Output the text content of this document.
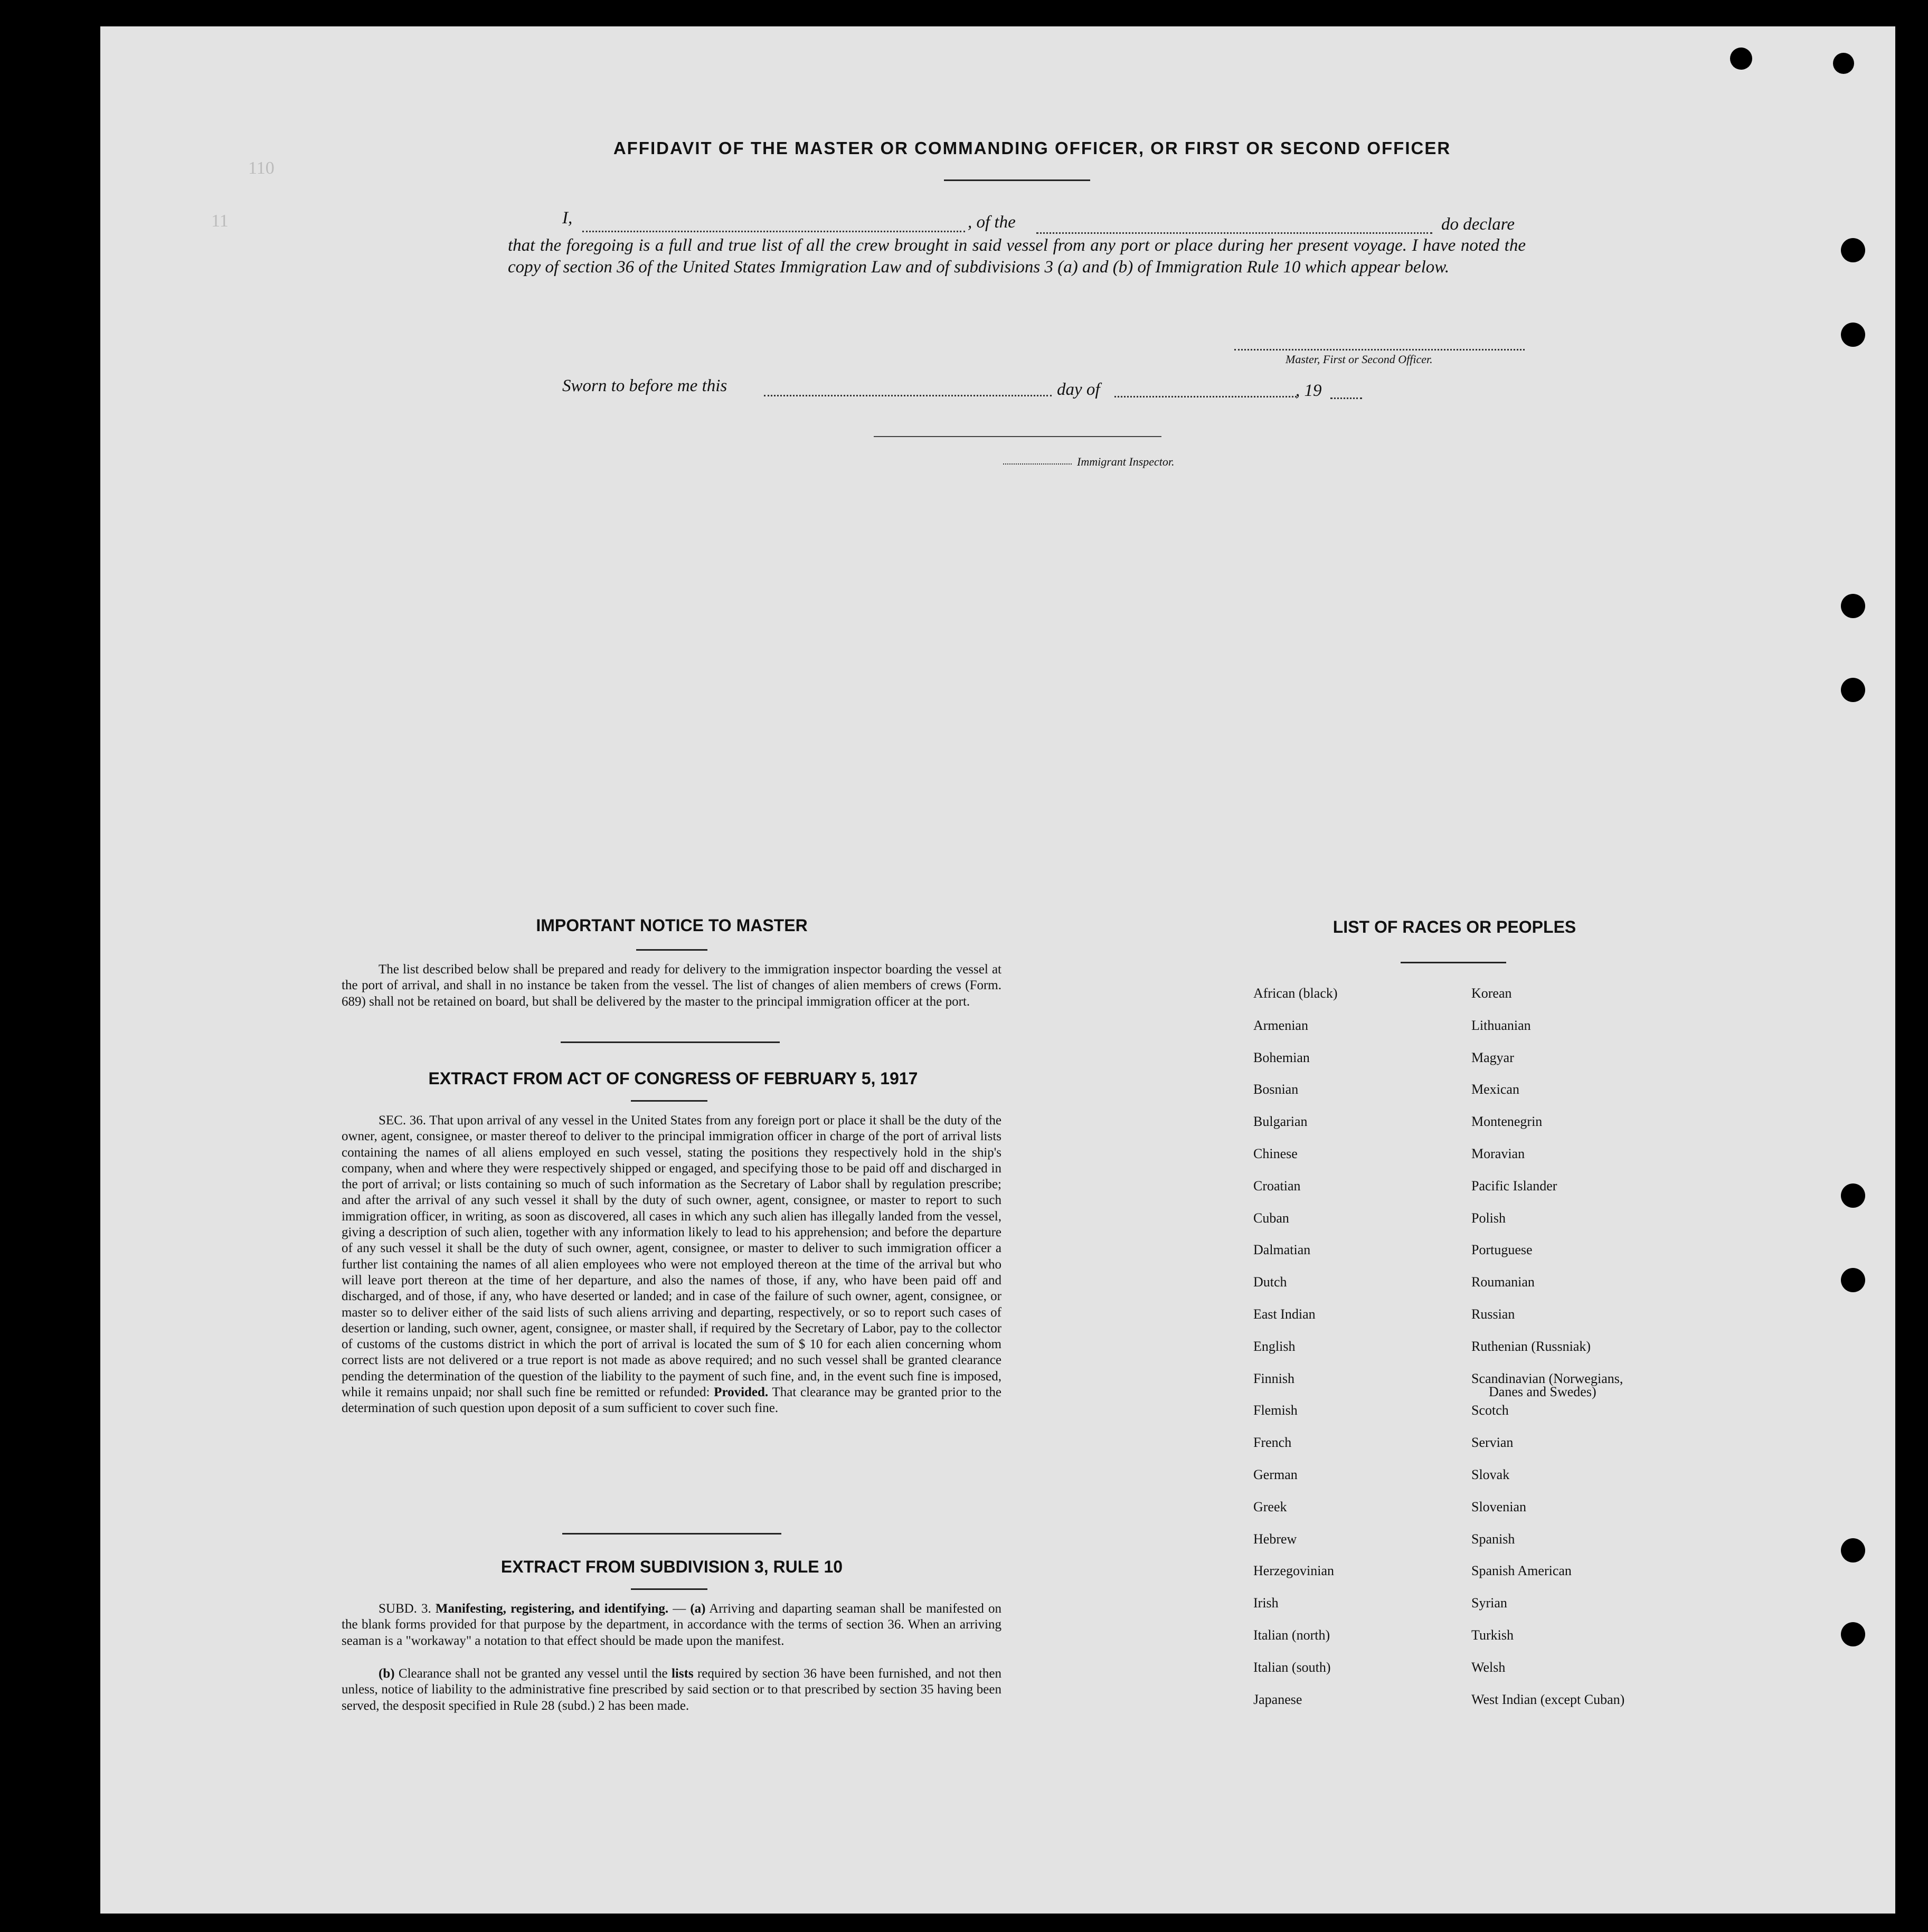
110
11
AFFIDAVIT OF THE MASTER OR COMMANDING OFFICER, OR FIRST OR SECOND OFFICER
I,	, of the	do declare
that the foregoing is a full and true list of all the crew brought in said vessel from any port or place during her present voyage. I have noted the copy of section 36 of the United States Immigration Law and of subdivisions 3 (a) and (b) of Immigration Rule 10 which appear below.
Master, First or Second Officer.
Sworn to before me this	day of	, 19
Immigrant Inspector.
IMPORTANT NOTICE TO MASTER
The list described below shall be prepared and ready for delivery to the immigration inspector boarding the vessel at the port of arrival, and shall in no instance be taken from the vessel. The list of changes of alien members of crews (Form. 689) shall not be retained on board, but shall be delivered by the master to the principal immigration officer at the port.
EXTRACT FROM ACT OF CONGRESS OF FEBRUARY 5, 1917
SEC. 36. That upon arrival of any vessel in the United States from any foreign port or place it shall be the duty of the owner, agent, consignee, or master thereof to deliver to the principal immigration officer in charge of the port of arrival lists containing the names of all aliens employed en such vessel, stating the positions they respectively hold in the ship's company, when and where they were respectively shipped or engaged, and specifying those to be paid off and discharged in the port of arrival; or lists containing so much of such information as the Secretary of Labor shall by regulation prescribe; and after the arrival of any such vessel it shall by the duty of such owner, agent, consignee, or master to report to such immigration officer, in writing, as soon as discovered, all cases in which any such alien has illegally landed from the vessel, giving a description of such alien, together with any information likely to lead to his apprehension; and before the departure of any such vessel it shall be the duty of such owner, agent, consignee, or master to deliver to such immigration officer a further list containing the names of all alien employees who were not employed thereon at the time of the arrival but who will leave port thereon at the time of her departure, and also the names of those, if any, who have been paid off and discharged, and of those, if any, who have deserted or landed; and in case of the failure of such owner, agent, consignee, or master so to deliver either of the said lists of such aliens arriving and departing, respectively, or so to report such cases of desertion or landing, such owner, agent, consignee, or master shall, if required by the Secretary of Labor, pay to the collector of customs of the customs district in which the port of arrival is located the sum of $ 10 for each alien concerning whom correct lists are not delivered or a true report is not made as above required; and no such vessel shall be granted clearance pending the determination of the question of the liability to the payment of such fine, and, in the event such fine is imposed, while it remains unpaid; nor shall such fine be remitted or refunded: Provided. That clearance may be granted prior to the determination of such question upon deposit of a sum sufficient to cover such fine.
EXTRACT FROM SUBDIVISION 3, RULE 10
SUBD. 3. Manifesting, registering, and identifying. — (a) Arriving and daparting seaman shall be manifested on the blank forms provided for that purpose by the department, in accordance with the terms of section 36. When an arriving seaman is a "workaway" a notation to that effect should be made upon the manifest.
(b) Clearance shall not be granted any vessel until the lists required by section 36 have been furnished, and not then unless, notice of liability to the administrative fine prescribed by said section or to that prescribed by section 35 having been served, the desposit specified in Rule 28 (subd.) 2 has been made.
LIST OF RACES OR PEOPLES
African (black)
Armenian
Bohemian
Bosnian
Bulgarian
Chinese
Croatian
Cuban
Dalmatian
Dutch
East Indian
English
Finnish
Flemish
French
German
Greek
Hebrew
Herzegovinian
Irish
Italian (north)
Italian (south)
Japanese
Korean
Lithuanian
Magyar
Mexican
Montenegrin
Moravian
Pacific Islander
Polish
Portuguese
Roumanian
Russian
Ruthenian (Russniak)
Scandinavian (Norwegians,
Scotch
Servian
Slovak
Slovenian
Spanish
Spanish American
Syrian
Turkish
Welsh
West Indian (except Cuban)
Danes and Swedes)
